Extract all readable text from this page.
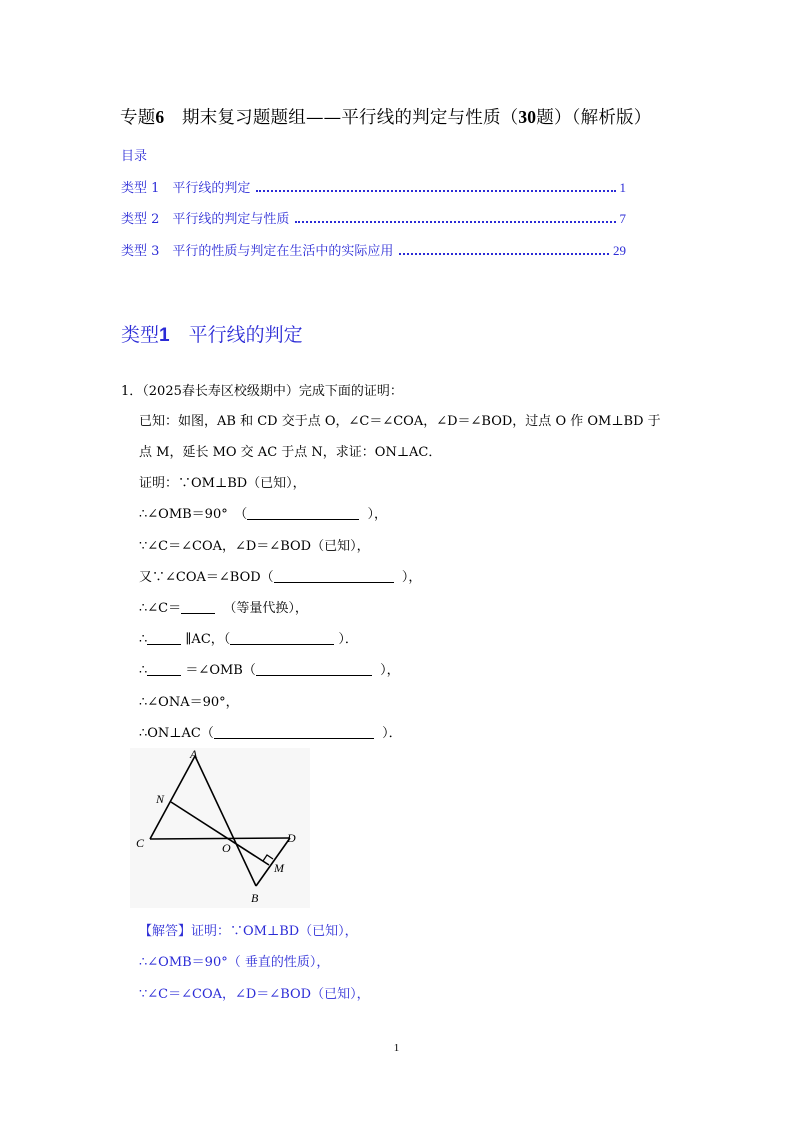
专题6　期末复习题题组——平行线的判定与性质（30题）（解析版）
目录
类型 1　平行线的判定	1
类型 2　平行线的判定与性质	7
类型 3　平行的性质与判定在生活中的实际应用	29
类型1　平行线的判定
1．（2025春长寿区校级期中）完成下面的证明：
已知：如图，AB 和 CD 交于点 O，∠C＝∠COA，∠D＝∠BOD，过点 O 作 OM⊥BD 于
点 M，延长 MO 交 AC 于点 N，求证：ON⊥AC．
证明：∵OM⊥BD（已知），
∴∠OMB＝90°　（	），
∵∠C＝∠COA，∠D＝∠BOD（已知），
又∵∠COA＝∠BOD（	），
∴∠C＝	（等量代换），
∴	∥AC，（	）．
∴	＝∠OMB（	），
∴∠ONA＝90°，
∴ON⊥AC（	）．
A
N
C	O
D
M
B
【解答】证明：∵OM⊥BD（已知），
∴∠OMB＝90°（ 垂直的性质），
∵∠C＝∠COA，∠D＝∠BOD（已知），
1
